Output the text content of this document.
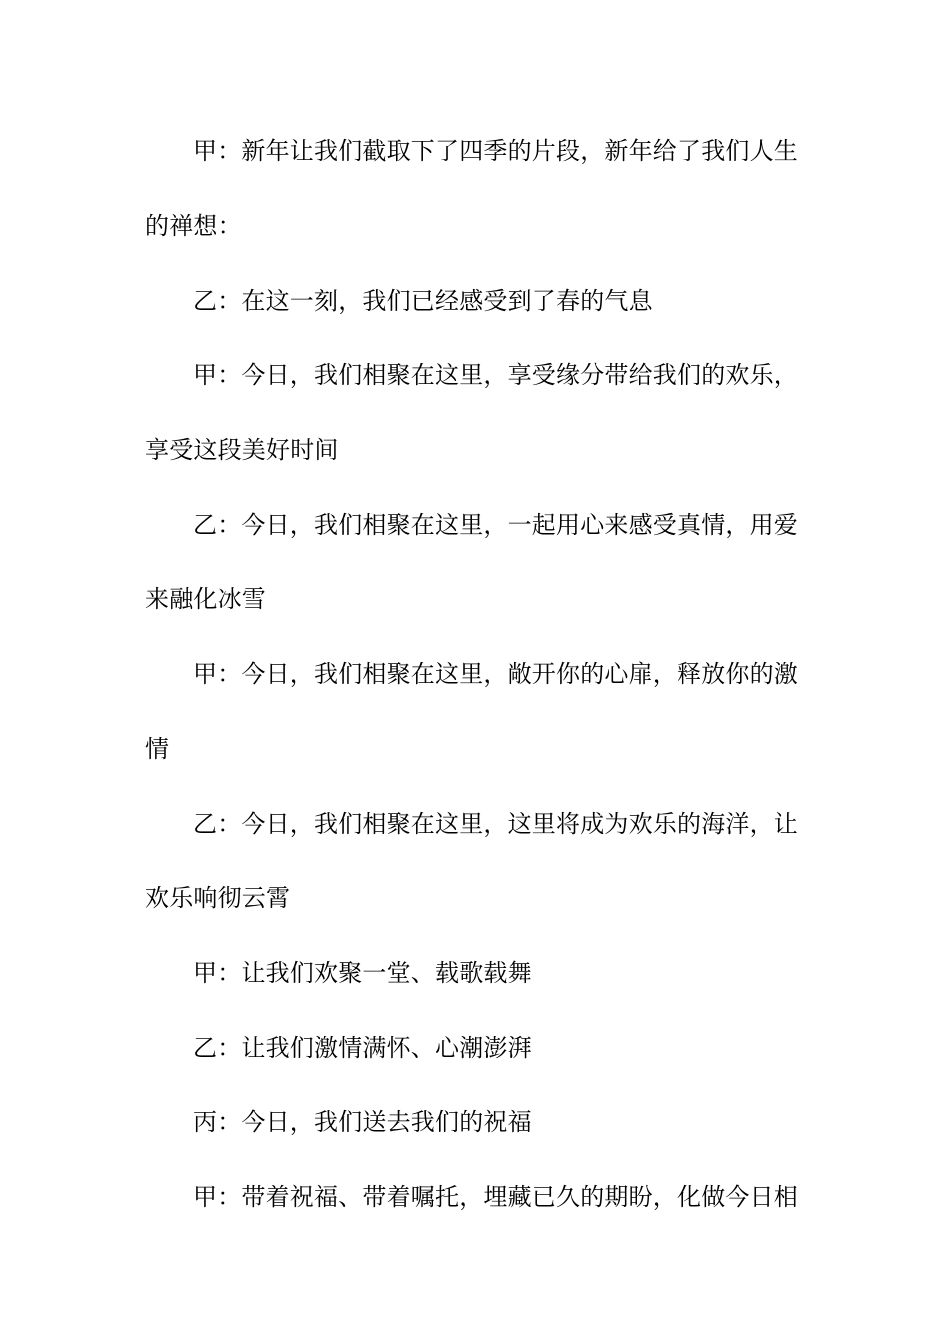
甲：新年让我们截取下了四季的片段，新年给了我们人生
的禅想：
乙：在这一刻，我们已经感受到了春的气息
甲：今日，我们相聚在这里，享受缘分带给我们的欢乐，
享受这段美好时间
乙：今日，我们相聚在这里，一起用心来感受真情，用爱
来融化冰雪
甲：今日，我们相聚在这里，敞开你的心扉，释放你的激
情
乙：今日，我们相聚在这里，这里将成为欢乐的海洋，让
欢乐响彻云霄
甲：让我们欢聚一堂、载歌载舞
乙：让我们激情满怀、心潮澎湃
丙：今日，我们送去我们的祝福
甲：带着祝福、带着嘱托，埋藏已久的期盼，化做今日相
